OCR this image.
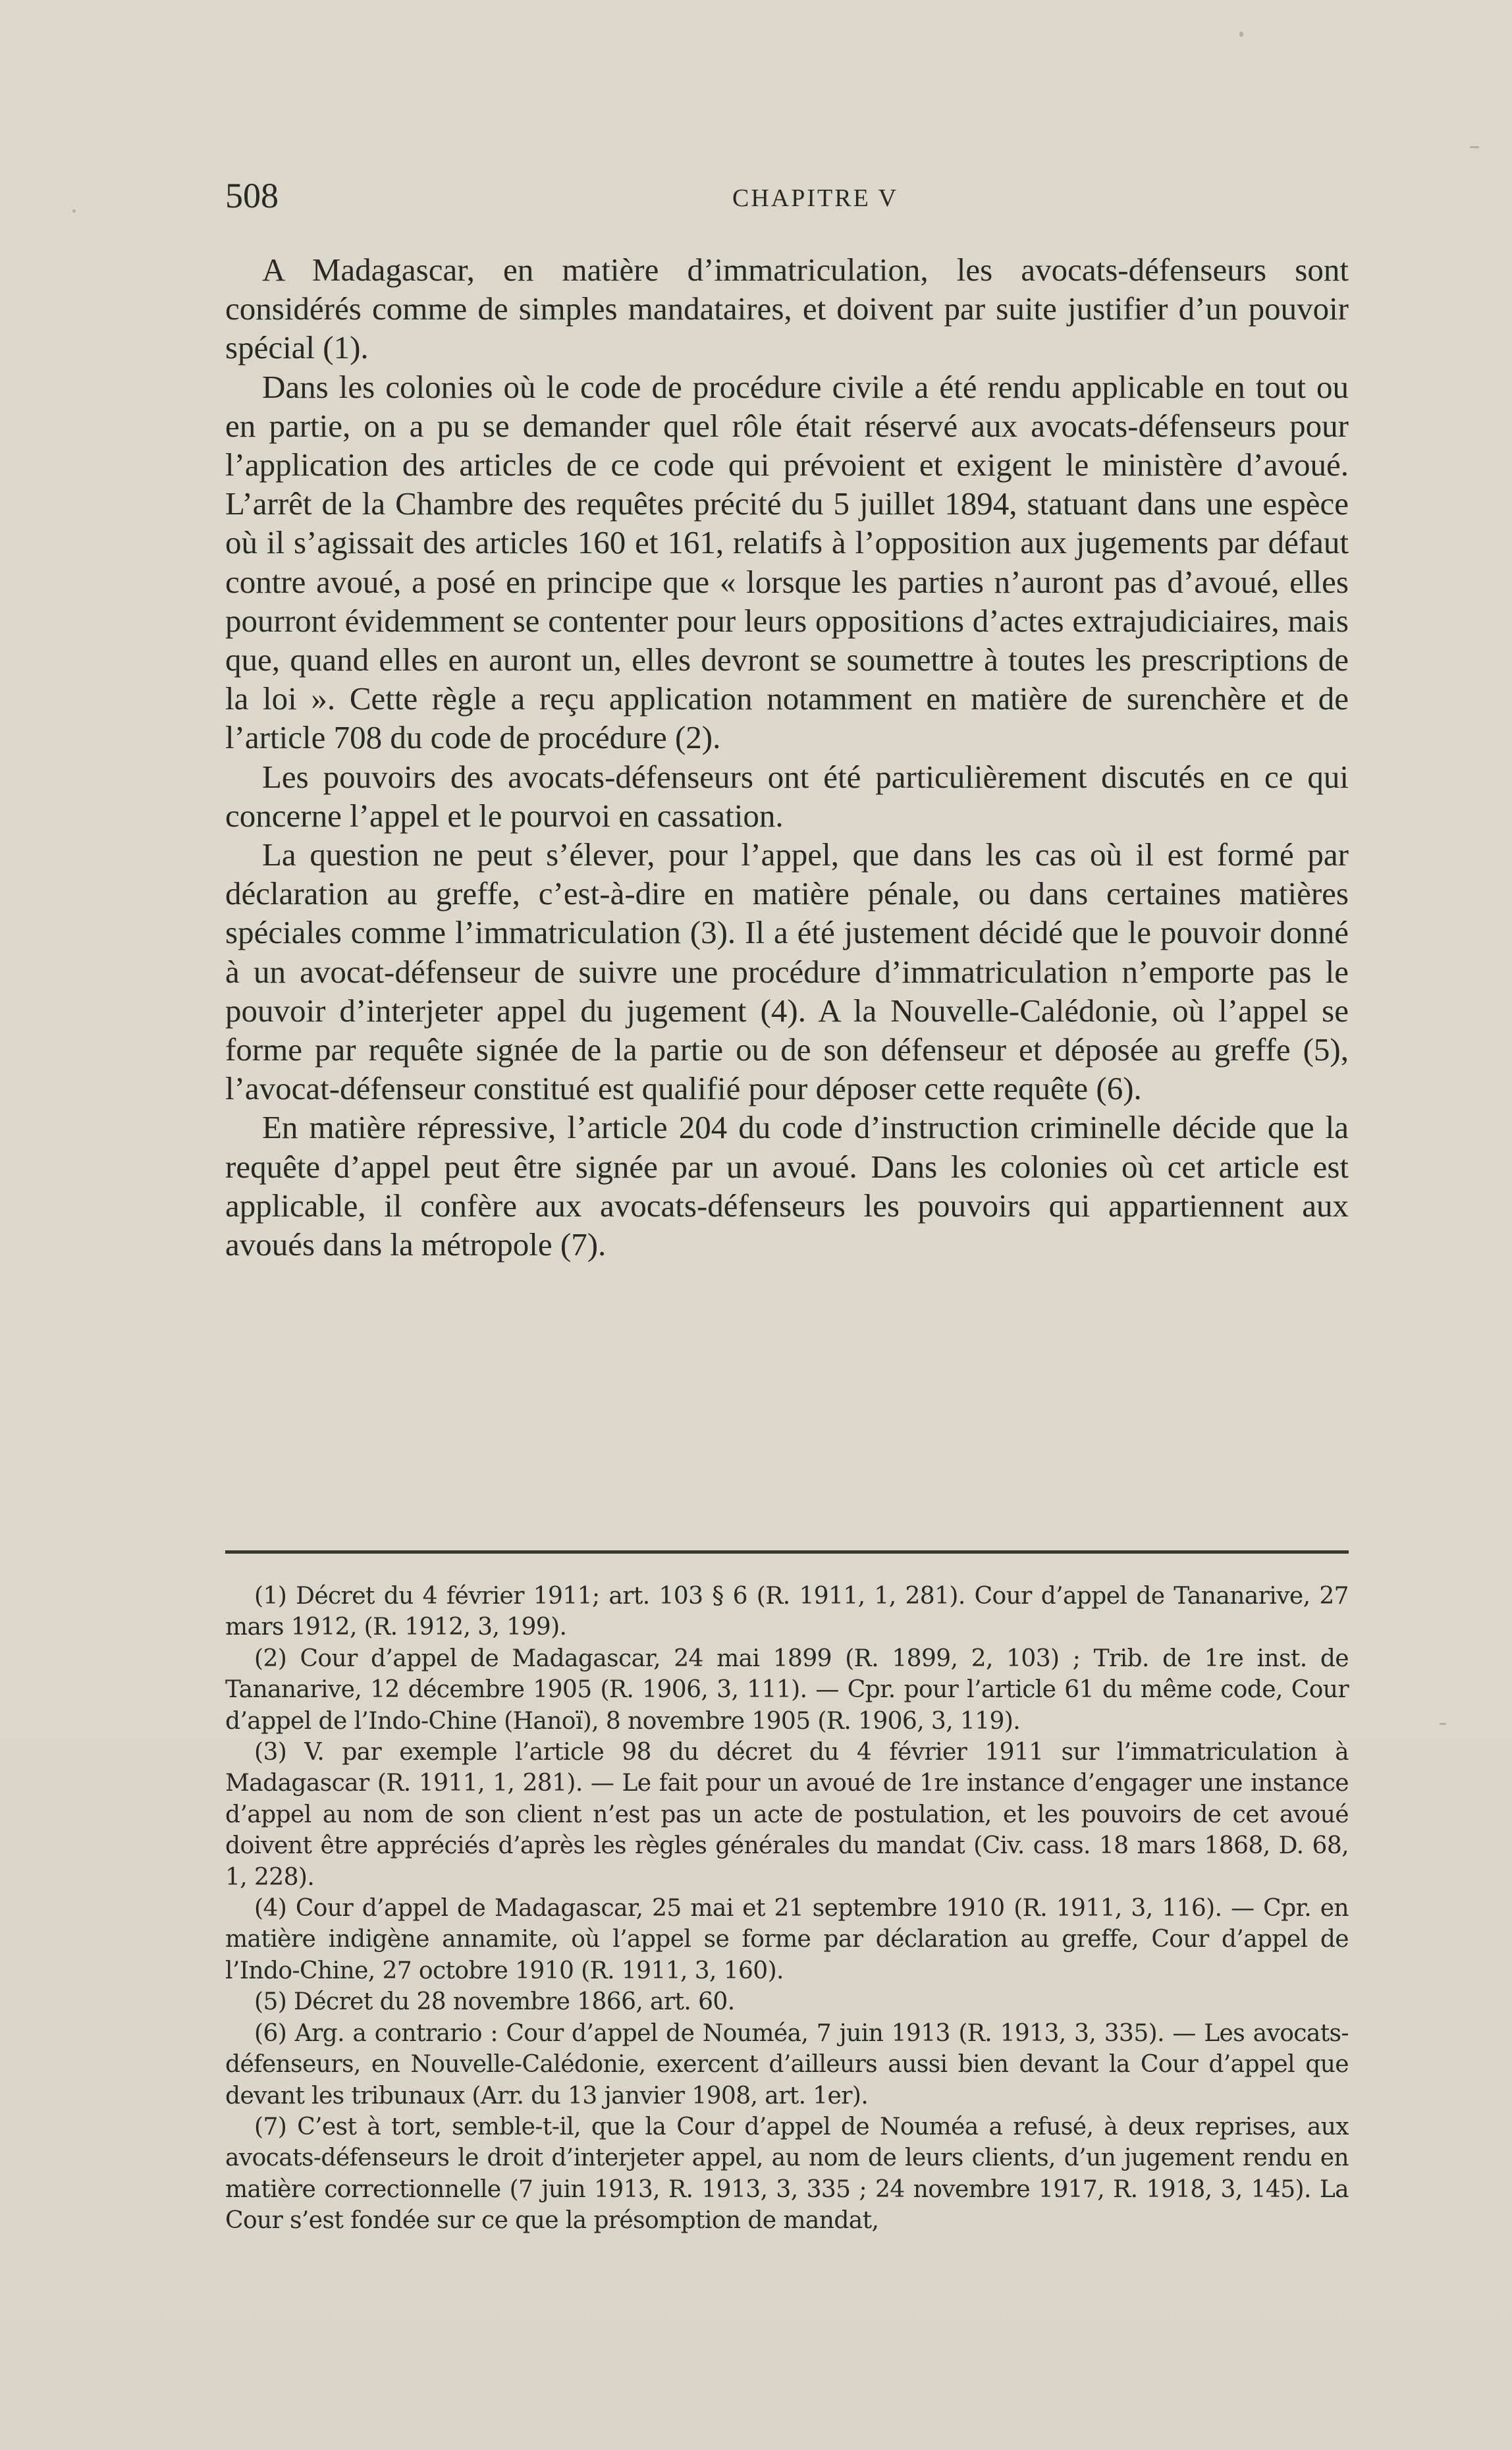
508	CHAPITRE V

A Madagascar, en matière d’immatriculation, les avocats-défenseurs sont considérés comme de simples mandataires, et doivent par suite justifier d’un pouvoir spécial (1).

Dans les colonies où le code de procédure civile a été rendu applicable en tout ou en partie, on a pu se demander quel rôle était réservé aux avocats-défenseurs pour l’application des articles de ce code qui prévoient et exigent le ministère d’avoué. L’arrêt de la Chambre des requêtes précité du 5 juillet 1894, statuant dans une espèce où il s’agissait des articles 160 et 161, relatifs à l’opposition aux jugements par défaut contre avoué, a posé en principe que « lorsque les parties n’auront pas d’avoué, elles pourront évidemment se contenter pour leurs oppositions d’actes extrajudiciaires, mais que, quand elles en auront un, elles devront se soumettre à toutes les prescriptions de la loi ». Cette règle a reçu application notamment en matière de surenchère et de l’article 708 du code de procédure (2).

Les pouvoirs des avocats-défenseurs ont été particulièrement discutés en ce qui concerne l’appel et le pourvoi en cassation.

La question ne peut s’élever, pour l’appel, que dans les cas où il est formé par déclaration au greffe, c’est-à-dire en matière pénale, ou dans certaines matières spéciales comme l’immatriculation (3). Il a été justement décidé que le pouvoir donné à un avocat-défenseur de suivre une procédure d’immatriculation n’emporte pas le pouvoir d’interjeter appel du jugement (4). A la Nouvelle-Calédonie, où l’appel se forme par requête signée de la partie ou de son défenseur et déposée au greffe (5), l’avocat-défenseur constitué est qualifié pour déposer cette requête (6).

En matière répressive, l’article 204 du code d’instruction criminelle décide que la requête d’appel peut être signée par un avoué. Dans les colonies où cet article est applicable, il confère aux avocats-défenseurs les pouvoirs qui appartiennent aux avoués dans la métropole (7).

(1) Décret du 4 février 1911; art. 103 § 6 (R. 1911, 1, 281). Cour d’appel de Tananarive, 27 mars 1912, (R. 1912, 3, 199).

(2) Cour d’appel de Madagascar, 24 mai 1899 (R. 1899, 2, 103) ; Trib. de 1re inst. de Tananarive, 12 décembre 1905 (R. 1906, 3, 111). — Cpr. pour l’article 61 du même code, Cour d’appel de l’Indo-Chine (Hanoï), 8 novembre 1905 (R. 1906, 3, 119).

(3) V. par exemple l’article 98 du décret du 4 février 1911 sur l’immatriculation à Madagascar (R. 1911, 1, 281). — Le fait pour un avoué de 1re instance d’engager une instance d’appel au nom de son client n’est pas un acte de postulation, et les pouvoirs de cet avoué doivent être appréciés d’après les règles générales du mandat (Civ. cass. 18 mars 1868, D. 68, 1, 228).

(4) Cour d’appel de Madagascar, 25 mai et 21 septembre 1910 (R. 1911, 3, 116). — Cpr. en matière indigène annamite, où l’appel se forme par déclaration au greffe, Cour d’appel de l’Indo-Chine, 27 octobre 1910 (R. 1911, 3, 160).

(5) Décret du 28 novembre 1866, art. 60.

(6) Arg. a contrario : Cour d’appel de Nouméa, 7 juin 1913 (R. 1913, 3, 335). — Les avocats-défenseurs, en Nouvelle-Calédonie, exercent d’ailleurs aussi bien devant la Cour d’appel que devant les tribunaux (Arr. du 13 janvier 1908, art. 1er).

(7) C’est à tort, semble-t-il, que la Cour d’appel de Nouméa a refusé, à deux reprises, aux avocats-défenseurs le droit d’interjeter appel, au nom de leurs clients, d’un jugement rendu en matière correctionnelle (7 juin 1913, R. 1913, 3, 335 ; 24 novembre 1917, R. 1918, 3, 145). La Cour s’est fondée sur ce que la présomption de mandat,
